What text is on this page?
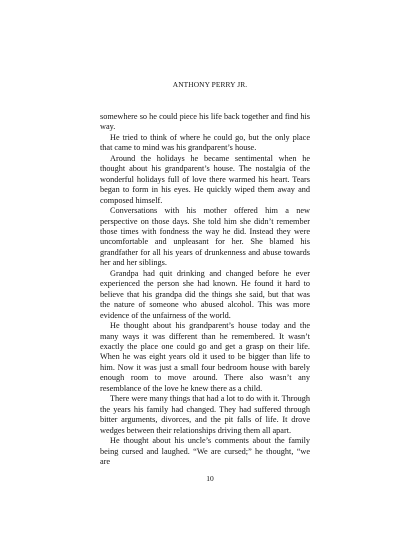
ANTHONY PERRY JR.

somewhere so he could piece his life back together and find his way.

He tried to think of where he could go, but the only place that came to mind was his grandparent’s house.

Around the holidays he became sentimental when he thought about his grandparent’s house. The nostalgia of the wonderful holidays full of love there warmed his heart. Tears began to form in his eyes. He quickly wiped them away and composed himself.

Conversations with his mother offered him a new perspective on those days. She told him she didn’t remember those times with fondness the way he did. Instead they were uncomfortable and unpleasant for her. She blamed his grandfather for all his years of drunkenness and abuse towards her and her siblings.

Grandpa had quit drinking and changed before he ever experienced the person she had known. He found it hard to believe that his grandpa did the things she said, but that was the nature of someone who abused alcohol. This was more evidence of the unfairness of the world.

He thought about his grandparent’s house today and the many ways it was different than he remembered. It wasn’t exactly the place one could go and get a grasp on their life. When he was eight years old it used to be bigger than life to him. Now it was just a small four bedroom house with barely enough room to move around. There also wasn’t any resemblance of the love he knew there as a child.

There were many things that had a lot to do with it. Through the years his family had changed. They had suffered through bitter arguments, divorces, and the pit falls of life. It drove wedges between their relationships driving them all apart.

He thought about his uncle’s comments about the family being cursed and laughed. “We are cursed;” he thought, “we are

10
